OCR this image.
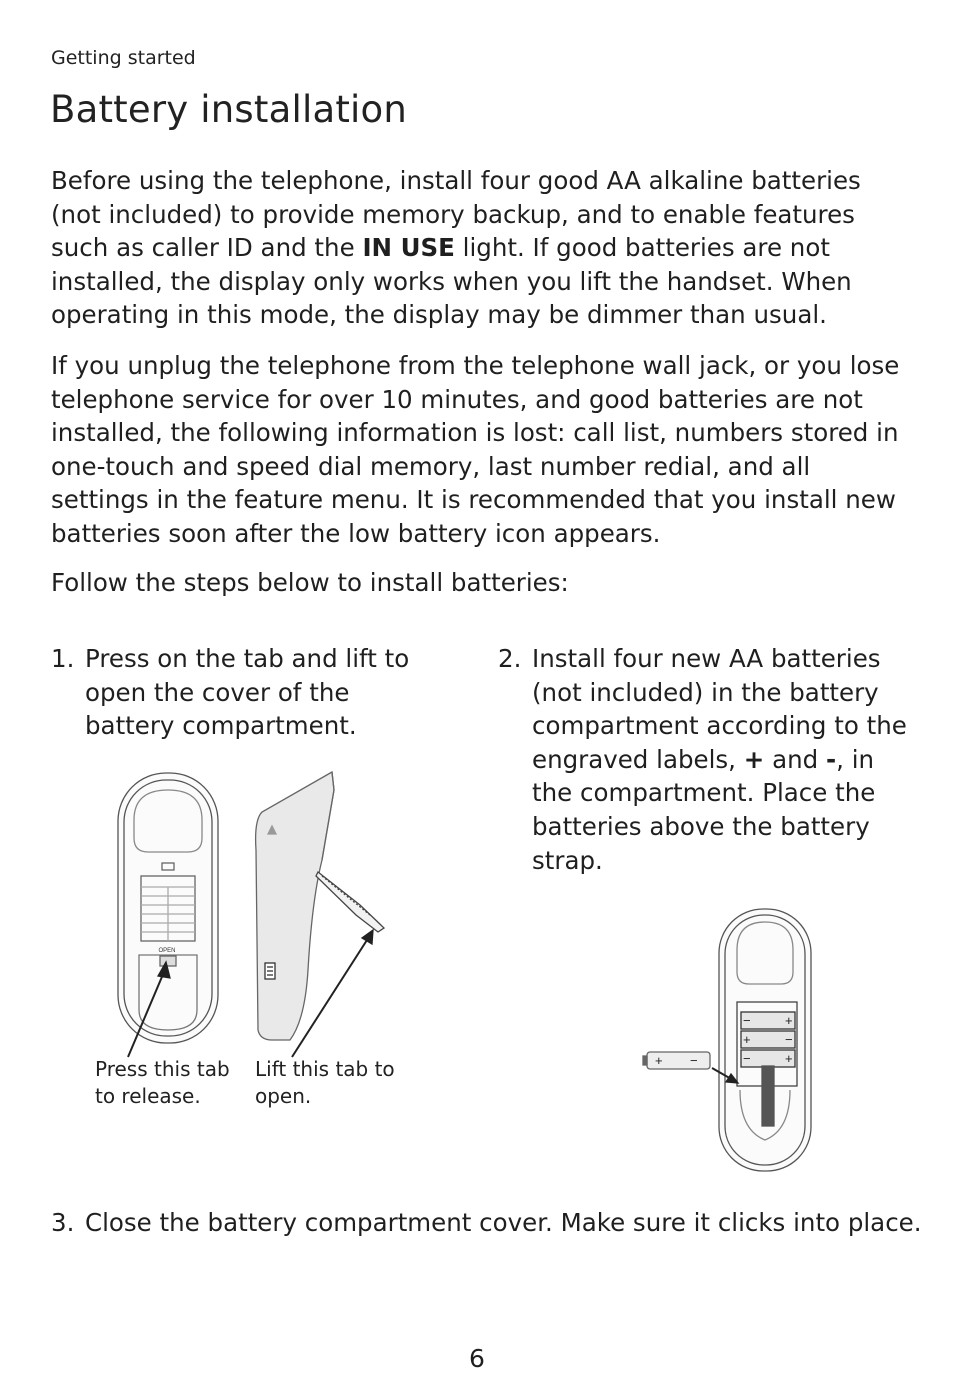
Getting started
Battery installation

Before using the telephone, install four good AA alkaline batteries (not included) to provide memory backup, and to enable features such as caller ID and the IN USE light. If good batteries are not installed, the display only works when you lift the handset. When operating in this mode, the display may be dimmer than usual.

If you unplug the telephone from the telephone wall jack, or you lose telephone service for over 10 minutes, and good batteries are not installed, the following information is lost: call list, numbers stored in one-touch and speed dial memory, last number redial, and all settings in the feature menu. It is recommended that you install new batteries soon after the low battery icon appears.

Follow the steps below to install batteries:

1. Press on the tab and lift to open the cover of the battery compartment.
2. Install four new AA batteries (not included) in the battery compartment according to the engraved labels, + and -, in the compartment. Place the batteries above the battery strap.
OPEN
Press this tab to release.
Lift this tab to open.
+ −
−	+
+	−
−	+
3. Close the battery compartment cover. Make sure it clicks into place.
6
